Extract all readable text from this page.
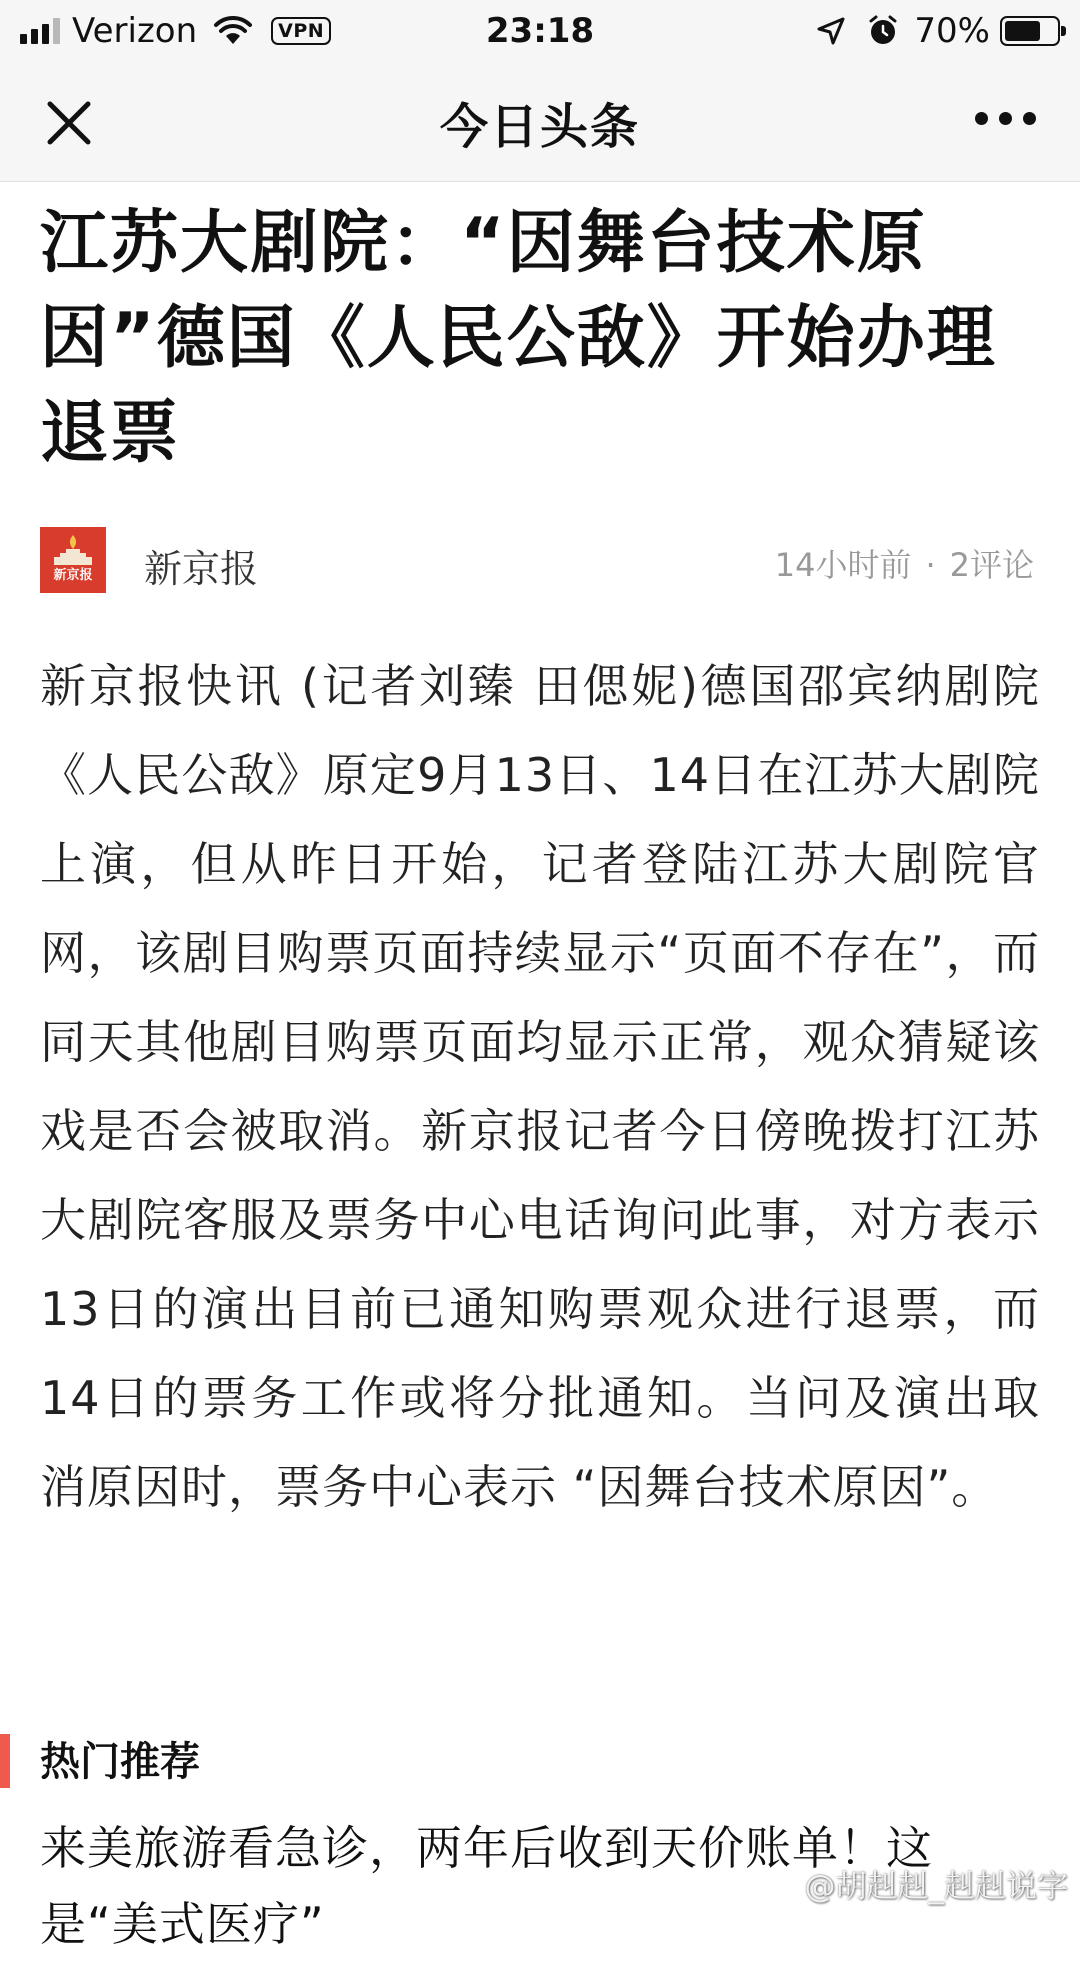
Verizon	VPN	23:18	70%
今日头条
江苏大剧院：“因舞台技术原因”德国《人民公敌》开始办理退票
新京报 新京报	14小时前 · 2评论

新京报快讯 (记者刘臻 田偲妮)德国邵宾纳剧院《人民公敌》原定9月13日、14日在江苏大剧院上演，但从昨日开始，记者登陆江苏大剧院官网，该剧目购票页面持续显示“页面不存在”，而同天其他剧目购票页面均显示正常，观众猜疑该戏是否会被取消。新京报记者今日傍晚拨打江苏大剧院客服及票务中心电话询问此事，对方表示13日的演出目前已通知购票观众进行退票，而14日的票务工作或将分批通知。当问及演出取消原因时，票务中心表示 “因舞台技术原因”。

热门推荐
来美旅游看急诊，两年后收到天价账单！这是“美式医疗”
@胡赳赳_赳赳说字
